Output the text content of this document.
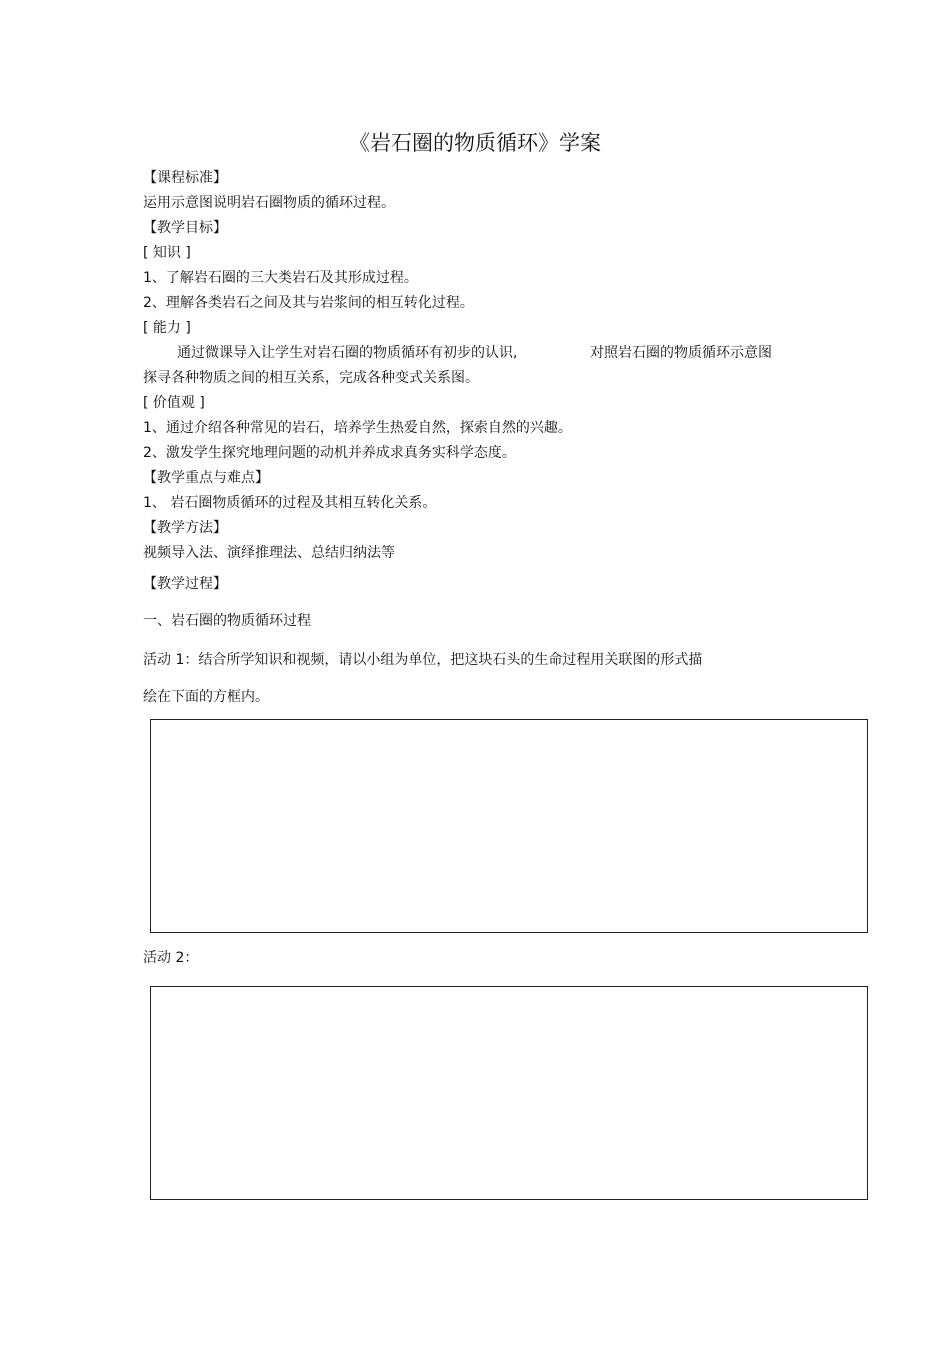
《岩石圈的物质循环》学案
【课程标准】
运用示意图说明岩石圈物质的循环过程。
【教学目标】
[ 知识 ]
1、了解岩石圈的三大类岩石及其形成过程。
2、理解各类岩石之间及其与岩浆间的相互转化过程。
[ 能力 ]
通过微课导入让学生对岩石圈的物质循环有初步的认识,	对照岩石圈的物质循环示意图
探寻各种物质之间的相互关系，完成各种变式关系图。
[ 价值观 ]
1、通过介绍各种常见的岩石，培养学生热爱自然，探索自然的兴趣。
2、激发学生探究地理问题的动机并养成求真务实科学态度。
【教学重点与难点】
1、 岩石圈物质循环的过程及其相互转化关系。
【教学方法】
视频导入法、演绎推理法、总结归纳法等
【教学过程】
一、岩石圈的物质循环过程
活动 1：结合所学知识和视频，请以小组为单位，把这块石头的生命过程用关联图的形式描
绘在下面的方框内。
活动 2：
